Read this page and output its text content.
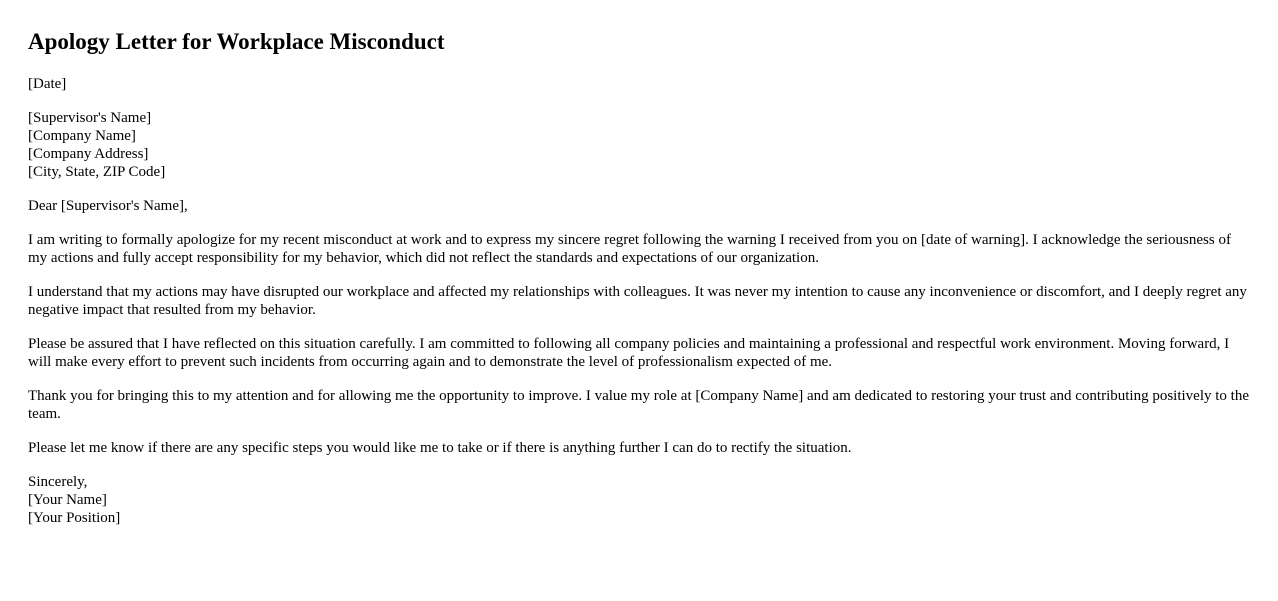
Apology Letter for Workplace Misconduct

[Date]

[Supervisor's Name]
[Company Name]
[Company Address]
[City, State, ZIP Code]

Dear [Supervisor's Name],

I am writing to formally apologize for my recent misconduct at work and to express my sincere regret following the warning I received from you on [date of warning]. I acknowledge the seriousness of my actions and fully accept responsibility for my behavior, which did not reflect the standards and expectations of our organization.

I understand that my actions may have disrupted our workplace and affected my relationships with colleagues. It was never my intention to cause any inconvenience or discomfort, and I deeply regret any negative impact that resulted from my behavior.

Please be assured that I have reflected on this situation carefully. I am committed to following all company policies and maintaining a professional and respectful work environment. Moving forward, I will make every effort to prevent such incidents from occurring again and to demonstrate the level of professionalism expected of me.

Thank you for bringing this to my attention and for allowing me the opportunity to improve. I value my role at [Company Name] and am dedicated to restoring your trust and contributing positively to the team.

Please let me know if there are any specific steps you would like me to take or if there is anything further I can do to rectify the situation.

Sincerely,
[Your Name]
[Your Position]
